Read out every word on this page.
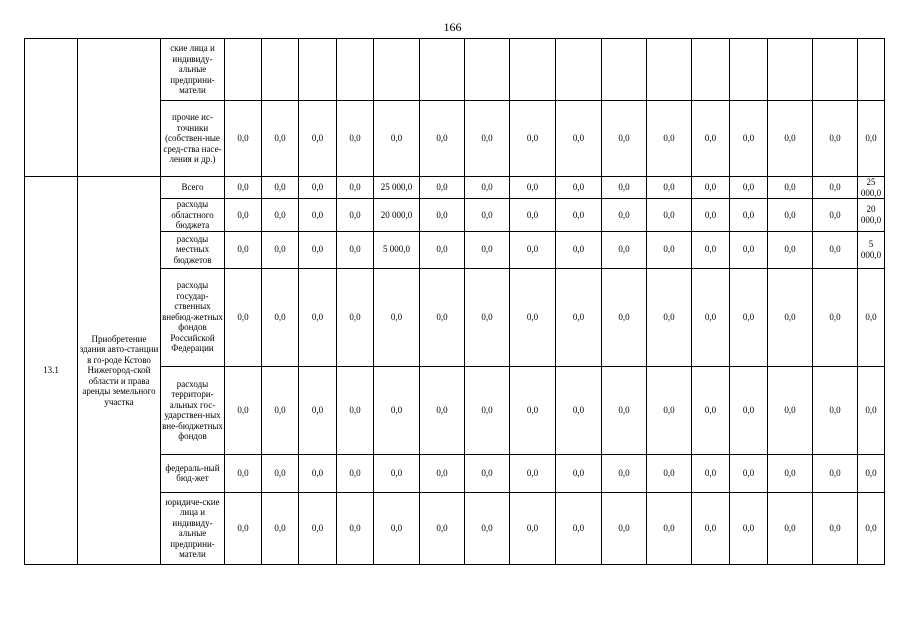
166
		ские лица и индивиду-альные предприни-матели																
		прочие ис-точники (собствен-ные сред-ства насе-ления и др.)	0,0	0,0	0,0	0,0	0,0	0,0	0,0	0,0	0,0	0,0	0,0	0,0	0,0	0,0	0,0	0,0
13.1	Приобретение здания авто-станции в го-роде Кстово Нижегород-ской области и права аренды земельного участка	Всего	0,0	0,0	0,0	0,0	25 000,0	0,0	0,0	0,0	0,0	0,0	0,0	0,0	0,0	0,0	0,0	25 000,0
		расходы областного бюджета	0,0	0,0	0,0	0,0	20 000,0	0,0	0,0	0,0	0,0	0,0	0,0	0,0	0,0	0,0	0,0	20 000,0
		расходы местных бюджетов	0,0	0,0	0,0	0,0	5 000,0	0,0	0,0	0,0	0,0	0,0	0,0	0,0	0,0	0,0	0,0	5 000,0
		расходы государ-ственных внебюд-жетных фондов Российской Федерации	0,0	0,0	0,0	0,0	0,0	0,0	0,0	0,0	0,0	0,0	0,0	0,0	0,0	0,0	0,0	0,0
		расходы территори-альных гос-ударствен-ных вне-бюджетных фондов	0,0	0,0	0,0	0,0	0,0	0,0	0,0	0,0	0,0	0,0	0,0	0,0	0,0	0,0	0,0	0,0
		федераль-ный бюд-жет	0,0	0,0	0,0	0,0	0,0	0,0	0,0	0,0	0,0	0,0	0,0	0,0	0,0	0,0	0,0	0,0
		юридиче-ские лица и индивиду-альные предприни-матели	0,0	0,0	0,0	0,0	0,0	0,0	0,0	0,0	0,0	0,0	0,0	0,0	0,0	0,0	0,0	0,0
